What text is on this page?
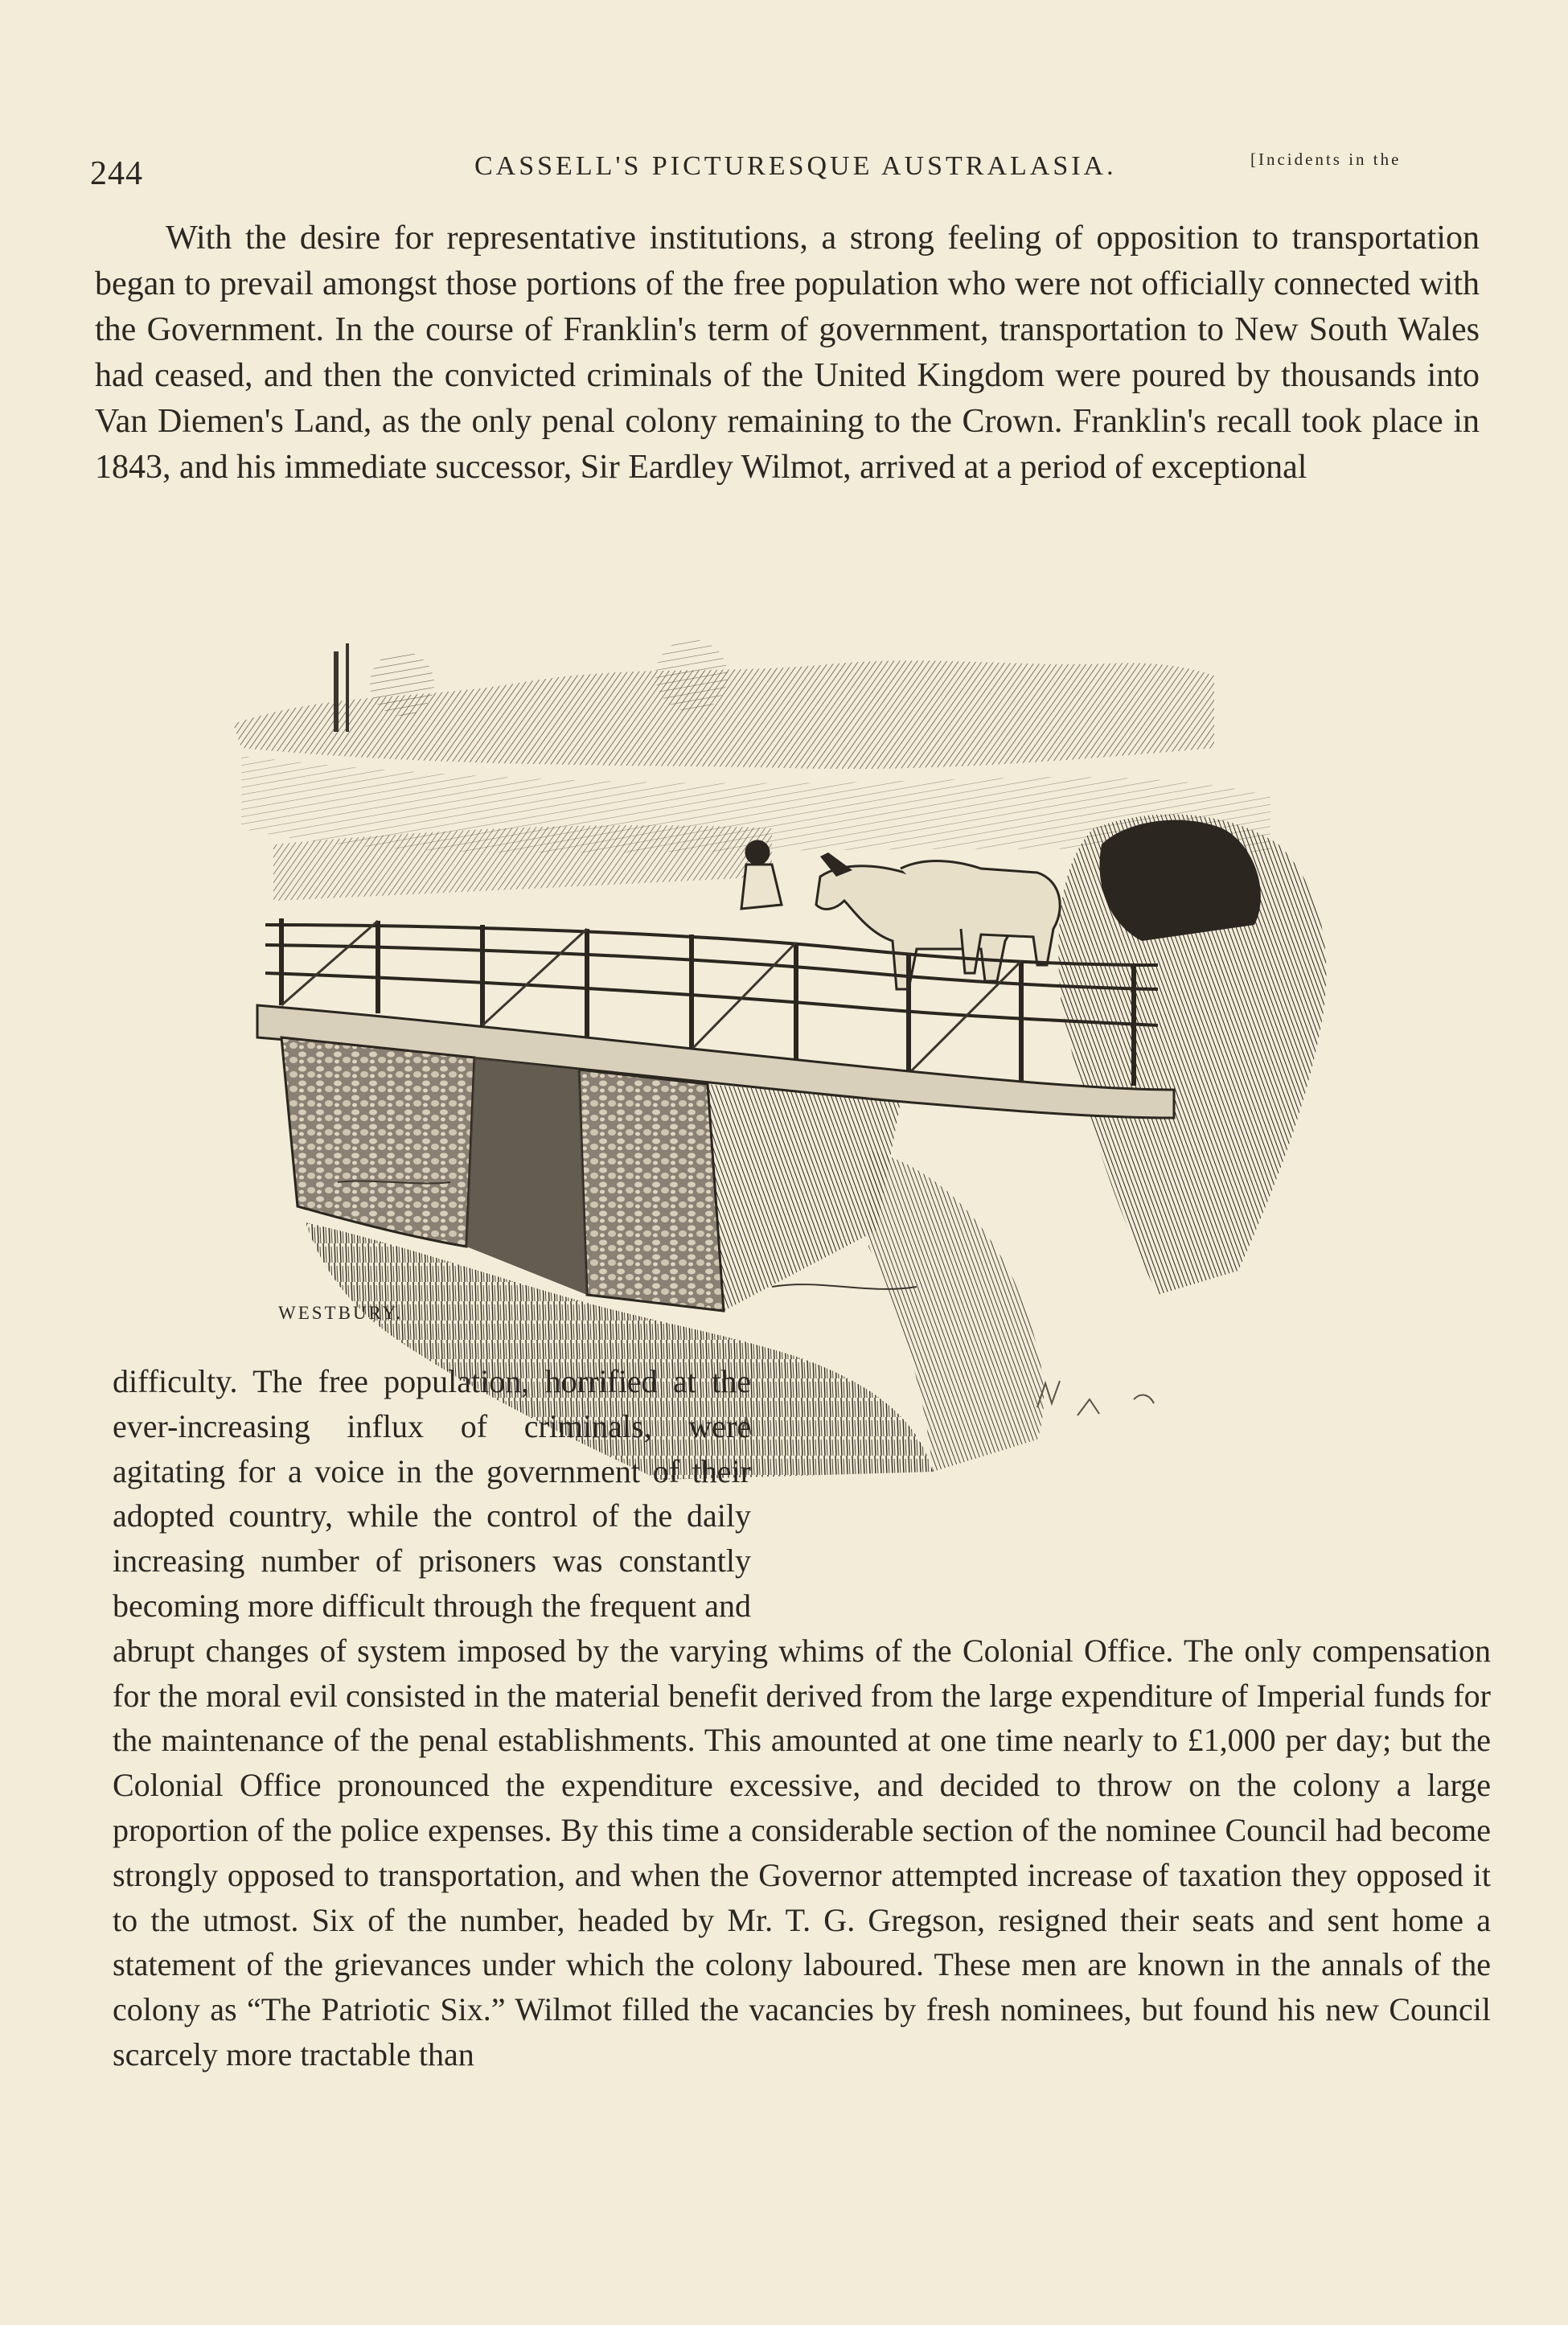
244	CASSELL'S PICTURESQUE AUSTRALASIA.	[Incidents in the

With the desire for representative institutions, a strong feeling of opposition to transportation began to prevail amongst those portions of the free population who were not officially connected with the Government. In the course of Franklin's term of government, transportation to New South Wales had ceased, and then the convicted criminals of the United Kingdom were poured by thousands into Van Diemen's Land, as the only penal colony remaining to the Crown. Franklin's recall took place in 1843, and his immediate successor, Sir Eardley Wilmot, arrived at a period of exceptional

WESTBURY.

difficulty. The free population, horrified at the ever-increasing influx of criminals, were agitating for a voice in the government of their adopted country, while the control of the daily increasing number of prisoners was constantly becoming more difficult through the frequent and abrupt changes of system imposed by the varying whims of the Colonial Office. The only compensation for the moral evil consisted in the material benefit derived from the large expenditure of Imperial funds for the maintenance of the penal establishments. This amounted at one time nearly to £1,000 per day; but the Colonial Office pronounced the expenditure excessive, and decided to throw on the colony a large proportion of the police expenses. By this time a considerable section of the nominee Council had become strongly opposed to transportation, and when the Governor attempted increase of taxation they opposed it to the utmost. Six of the number, headed by Mr. T. G. Gregson, resigned their seats and sent home a statement of the grievances under which the colony laboured. These men are known in the annals of the colony as “The Patriotic Six.” Wilmot filled the vacancies by fresh nominees, but found his new Council scarcely more tractable than
